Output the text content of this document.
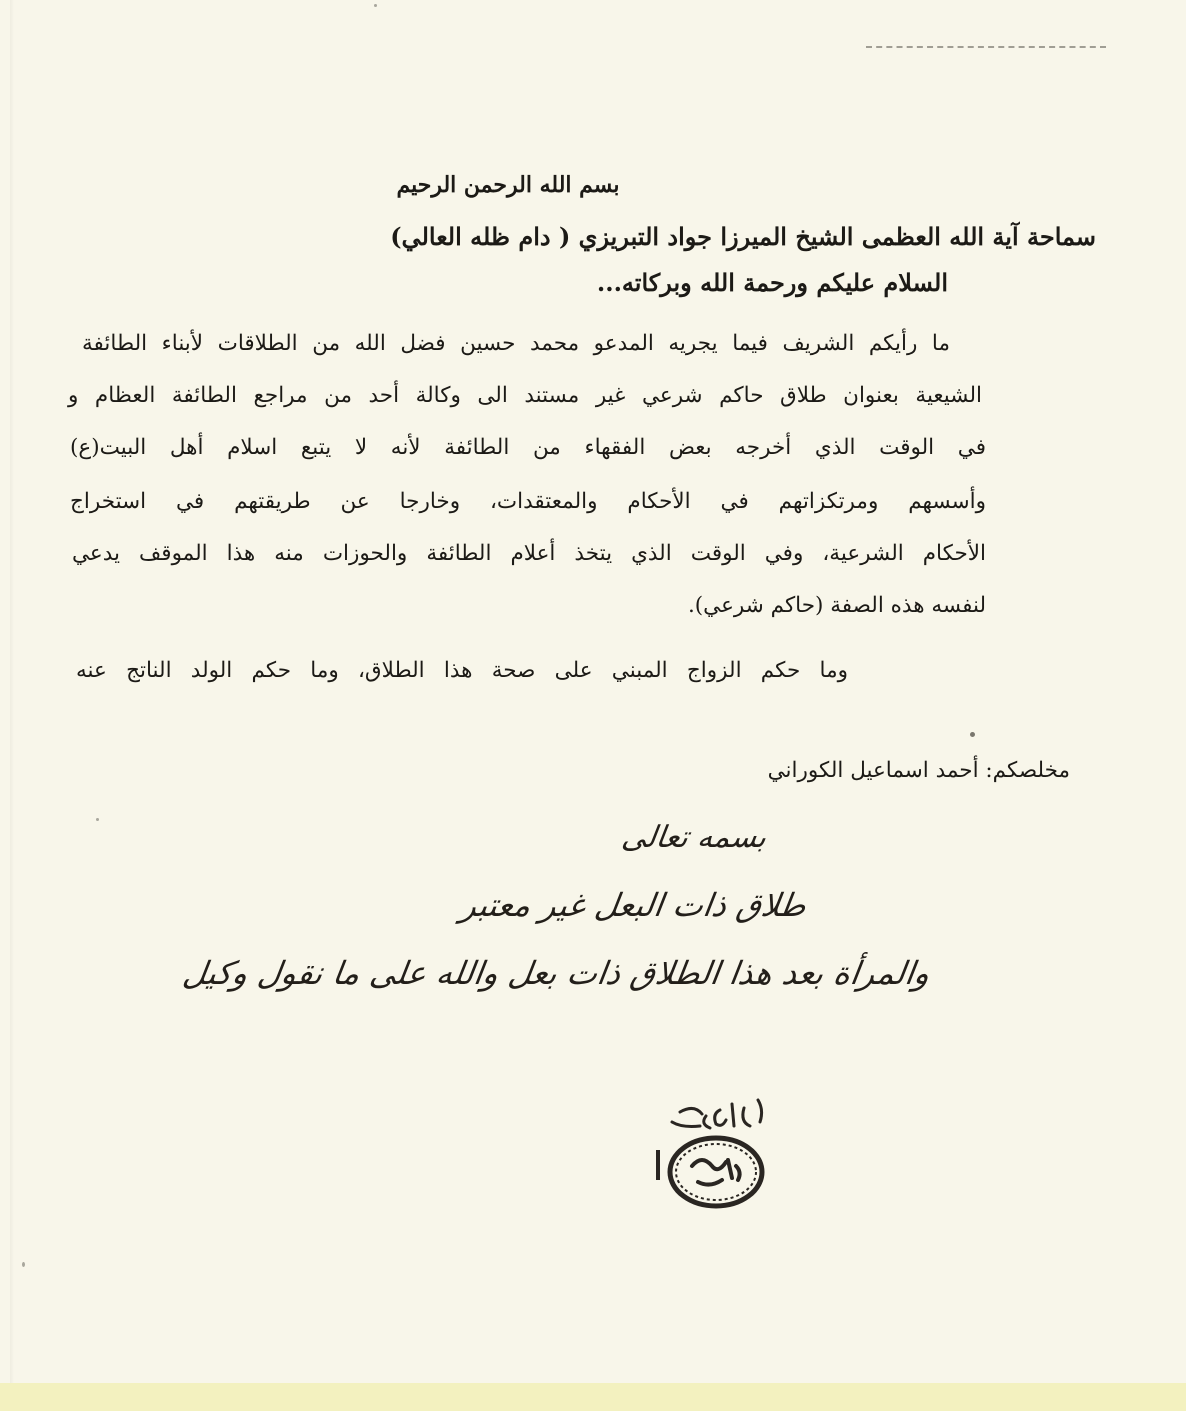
بسم الله الرحمن الرحيم
سماحة آية الله العظمى الشيخ الميرزا جواد التبريزي ( دام ظله العالي)
السلام عليكم ورحمة الله وبركاته...
ما رأيكم الشريف فيما يجريه المدعو محمد حسين فضل الله من الطلاقات لأبناء الطائفة
الشيعية بعنوان طلاق حاكم شرعي غير مستند الى وكالة أحد من مراجع الطائفة العظام و
في الوقت الذي أخرجه بعض الفقهاء من الطائفة لأنه لا يتبع اسلام أهل البيت(ع)
وأسسهم ومرتكزاتهم في الأحكام والمعتقدات، وخارجا عن طريقتهم في استخراج
الأحكام الشرعية، وفي الوقت الذي يتخذ أعلام الطائفة والحوزات منه هذا الموقف يدعي
لنفسه هذه الصفة (حاكم شرعي).
وما حكم الزواج المبني على صحة هذا الطلاق، وما حكم الولد الناتج عنه
مخلصكم: أحمد اسماعيل الكوراني
بسمه تعالى
طلاق ذات البعل غير معتبر
والمرأة بعد هذا الطلاق ذات بعل والله على ما نقول وكيل
